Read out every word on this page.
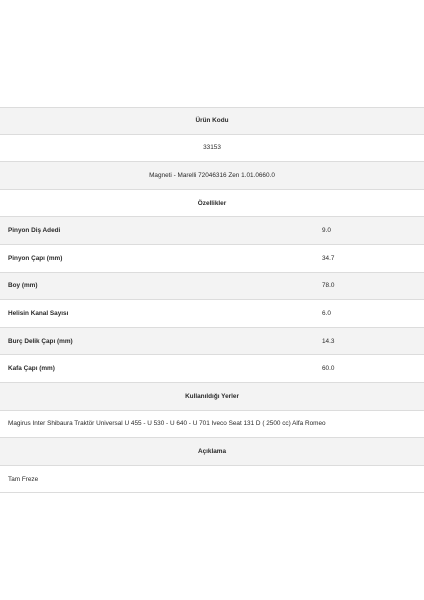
Ürün Kodu
33153
Magneti - Marelli 72046316 Zen 1.01.0660.0
Özellikler
Pinyon Diş Adedi	9.0
Pinyon Çapı (mm)	34.7
Boy (mm)	78.0
Helisin Kanal Sayısı	6.0
Burç Delik Çapı (mm)	14.3
Kafa Çapı (mm)	60.0
Kullanıldığı Yerler
Magirus Inter Shibaura Traktör Universal U 455 - U 530 - U 640 - U 701 Iveco Seat 131 D ( 2500 cc) Alfa Romeo
Açıklama
Tam Freze
